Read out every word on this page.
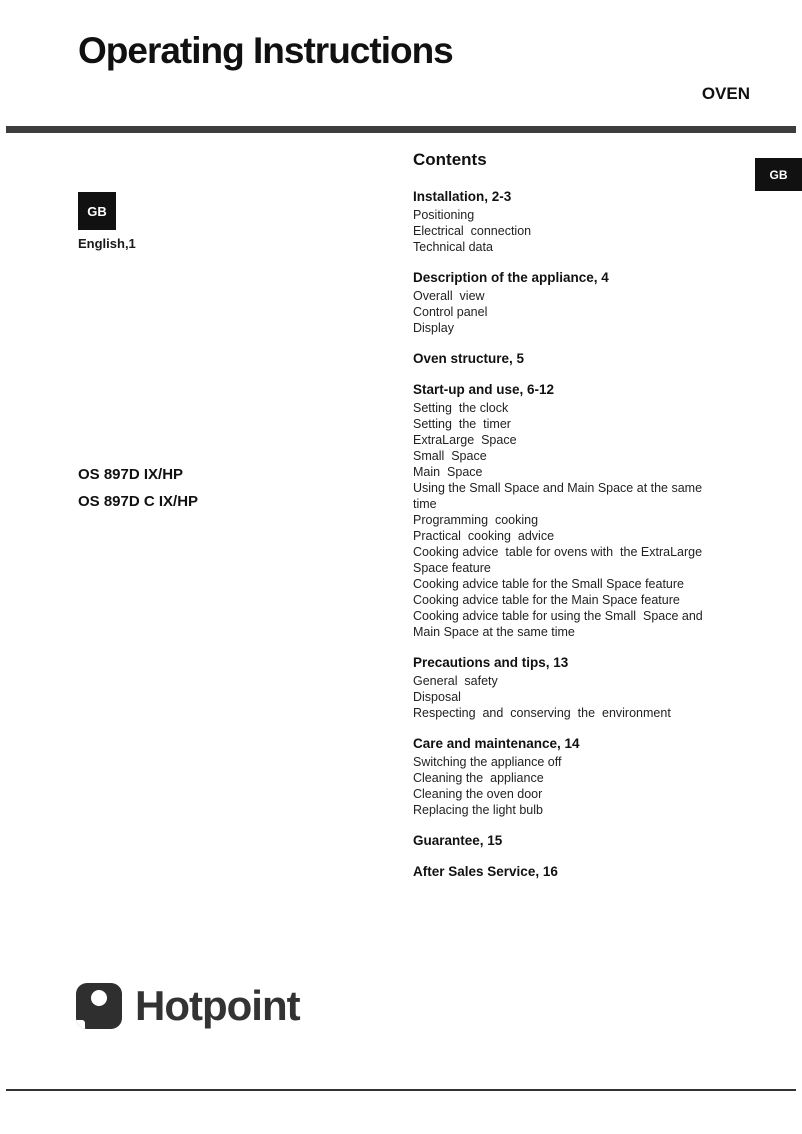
Operating Instructions
OVEN
GB
English,1
OS 897D IX/HP
OS 897D C IX/HP
GB
Contents
Installation, 2-3
Positioning
Electrical  connection
Technical data
Description of the appliance, 4
Overall  view
Control panel
Display
Oven structure, 5
Start-up and use, 6-12
Setting  the clock
Setting  the  timer
ExtraLarge  Space
Small  Space
Main  Space
Using the Small Space and Main Space at the same time
Programming  cooking
Practical  cooking  advice
Cooking advice  table for ovens with  the ExtraLarge Space feature
Cooking advice table for the Small Space feature
Cooking advice table for the Main Space feature
Cooking advice table for using the Small  Space and Main Space at the same time
Precautions and tips, 13
General  safety
Disposal
Respecting  and  conserving  the  environment
Care and maintenance, 14
Switching the appliance off
Cleaning the  appliance
Cleaning the oven door
Replacing the light bulb
Guarantee, 15
After Sales Service, 16
Hotpoint
